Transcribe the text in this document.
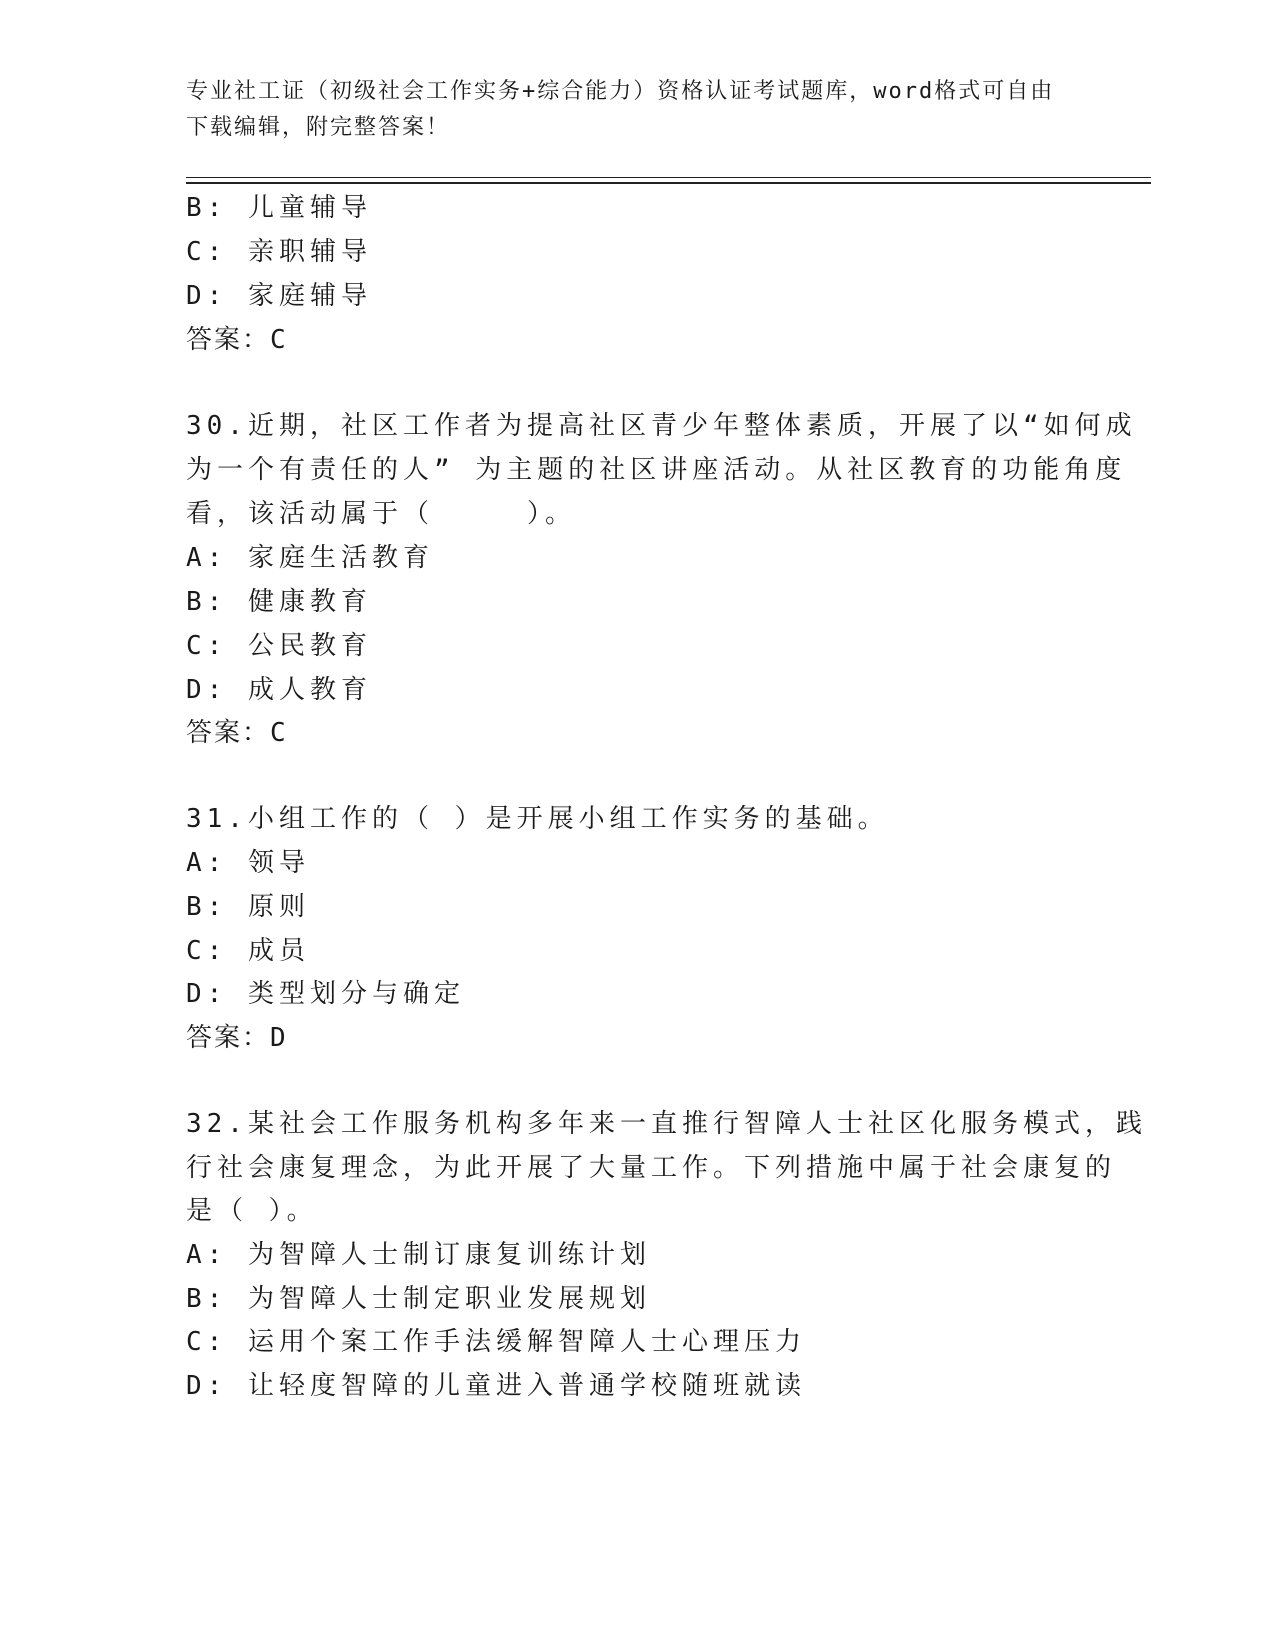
专业社工证（初级社会工作实务+综合能力）资格认证考试题库，word格式可自由
下载编辑，附完整答案！
B: 儿童辅导
C: 亲职辅导
D: 家庭辅导
答案：C
30.近期，社区工作者为提高社区青少年整体素质，开展了以“如何成
为一个有责任的人” 为主题的社区讲座活动。从社区教育的功能角度
看，该活动属于（　　　）。
A: 家庭生活教育
B: 健康教育
C: 公民教育
D: 成人教育
答案：C
31.小组工作的（ ）是开展小组工作实务的基础。
A: 领导
B: 原则
C: 成员
D: 类型划分与确定
答案：D
32.某社会工作服务机构多年来一直推行智障人士社区化服务模式，践
行社会康复理念，为此开展了大量工作。下列措施中属于社会康复的
是（ ）。
A: 为智障人士制订康复训练计划
B: 为智障人士制定职业发展规划
C: 运用个案工作手法缓解智障人士心理压力
D: 让轻度智障的儿童进入普通学校随班就读
